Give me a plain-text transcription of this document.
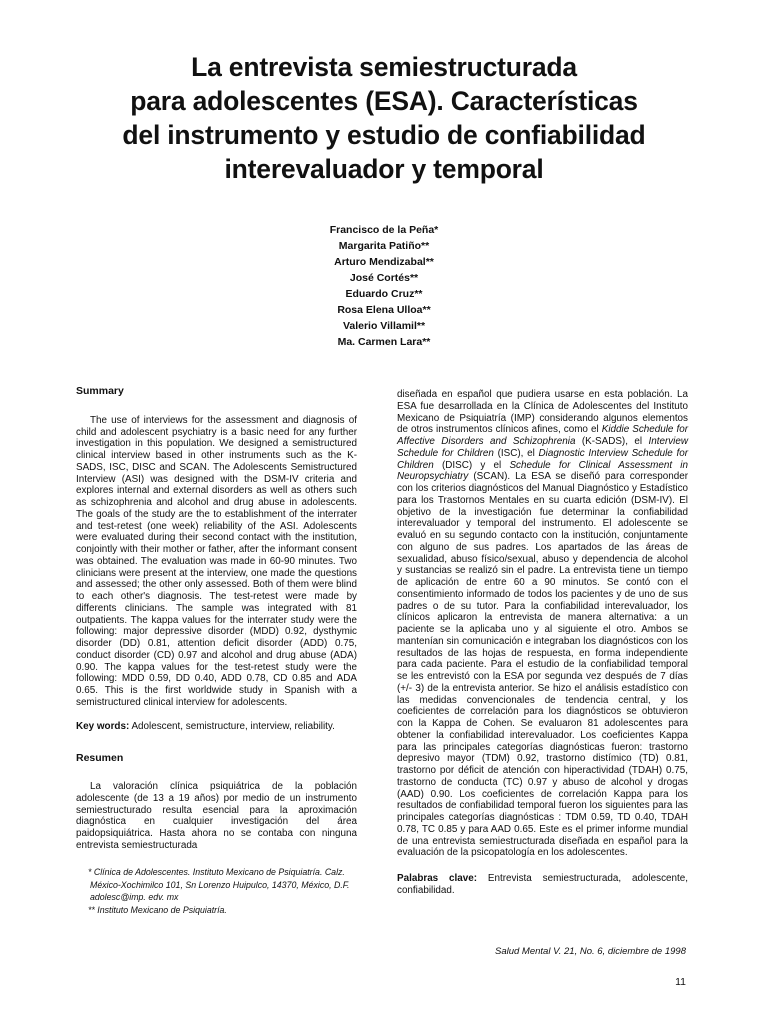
La entrevista semiestructurada
para adolescentes (ESA). Características
del instrumento y estudio de confiabilidad
interevaluador y temporal
Francisco de la Peña*
Margarita Patiño**
Arturo Mendizabal**
José Cortés**
Eduardo Cruz**
Rosa Elena Ulloa**
Valerio Villamil**
Ma. Carmen Lara**
Summary

The use of interviews for the assessment and diagnosis of child and adolescent psychiatry is a basic need for any further investigation in this population. We designed a semistructured clinical interview based in other instruments such as the K-SADS, ISC, DISC and SCAN. The Adolescents Semistructured Interview (ASI) was designed with the DSM-IV criteria and explores internal and external disorders as well as others such as schizophrenia and alcohol and drug abuse in adolescents. The goals of the study are the to establishment of the interrater and test-retest (one week) reliability of the ASI. Adolescents were evaluated during their second contact with the institution, conjointly with their mother or father, after the informant consent was obtained. The evaluation was made in 60-90 minutes. Two clinicians were present at the interview, one made the questions and assessed; the other only assessed. Both of them were blind to each other's diagnosis. The test-retest were made by differents clinicians. The sample was integrated with 81 outpatients. The kappa values for the interrater study were the following: major depressive disorder (MDD) 0.92, dysthymic disorder (DD) 0.81, attention deficit disorder (ADD) 0.75, conduct disorder (CD) 0.97 and alcohol and drug abuse (ADA) 0.90. The kappa values for the test-retest study were the following: MDD 0.59, DD 0.40, ADD 0.78, CD 0.85 and ADA 0.65. This is the first worldwide study in Spanish with a semistructured clinical interview for adolescents.

Key words: Adolescent, semistructure, interview, reliability.

Resumen

La valoración clínica psiquiátrica de la población adolescente (de 13 a 19 años) por medio de un instrumento semiestructurado resulta esencial para la aproximación diagnóstica en cualquier investigación del área paidopsiquiátrica. Hasta ahora no se contaba con ninguna entrevista semiestructurada

* Clínica de Adolescentes. Instituto Mexicano de Psiquiatría. Calz. México-Xochimilco 101, Sn Lorenzo Huipulco, 14370, México, D.F. adolesc@imp. edv. mx
** Instituto Mexicano de Psiquiatría.

diseñada en español que pudiera usarse en esta población. La ESA fue desarrollada en la Clínica de Adolescentes del Instituto Mexicano de Psiquiatría (IMP) considerando algunos elementos de otros instrumentos clínicos afines, como el Kiddie Schedule for Affective Disorders and Schizophrenia (K-SADS), el Interview Schedule for Children (ISC), el Diagnostic Interview Schedule for Children (DISC) y el Schedule for Clinical Assessment in Neuropsychiatry (SCAN). La ESA se diseñó para corresponder con los criterios diagnósticos del Manual Diagnóstico y Estadístico para los Trastornos Mentales en su cuarta edición (DSM-IV). El objetivo de la investigación fue determinar la confiabilidad interevaluador y temporal del instrumento. El adolescente se evaluó en su segundo contacto con la institución, conjuntamente con alguno de sus padres. Los apartados de las áreas de sexualidad, abuso físico/sexual, abuso y dependencia de alcohol y sustancias se realizó sin el padre. La entrevista tiene un tiempo de aplicación de entre 60 a 90 minutos. Se contó con el consentimiento informado de todos los pacientes y de uno de sus padres o de su tutor. Para la confiabilidad interevaluador, los clínicos aplicaron la entrevista de manera alternativa: a un paciente se la aplicaba uno y al siguiente el otro. Ambos se mantenían sin comunicación e integraban los diagnósticos con los resultados de las hojas de respuesta, en forma independiente para cada paciente. Para el estudio de la confiabilidad temporal se les entrevistó con la ESA por segunda vez después de 7 días (+/- 3) de la entrevista anterior. Se hizo el análisis estadístico con las medidas convencionales de tendencia central, y los coeficientes de correlación para los diagnósticos se obtuvieron con la Kappa de Cohen. Se evaluaron 81 adolescentes para obtener la confiabilidad interevaluador. Los coeficientes Kappa para las principales categorías diagnósticas fueron: trastorno depresivo mayor (TDM) 0.92, trastorno distímico (TD) 0.81, trastorno por déficit de atención con hiperactividad (TDAH) 0.75, trastorno de conducta (TC) 0.97 y abuso de alcohol y drogas (AAD) 0.90. Los coeficientes de correlación Kappa para los resultados de confiabilidad temporal fueron los siguientes para las principales categorías diagnósticas : TDM 0.59, TD 0.40, TDAH 0.78, TC 0.85 y para AAD 0.65. Este es el primer informe mundial de una entrevista semiestructurada diseñada en español para la evaluación de la psicopatología en los adolescentes.

Palabras clave: Entrevista semiestructurada, adolescente, confiabilidad.

Salud Mental V. 21, No. 6, diciembre de 1998
11
